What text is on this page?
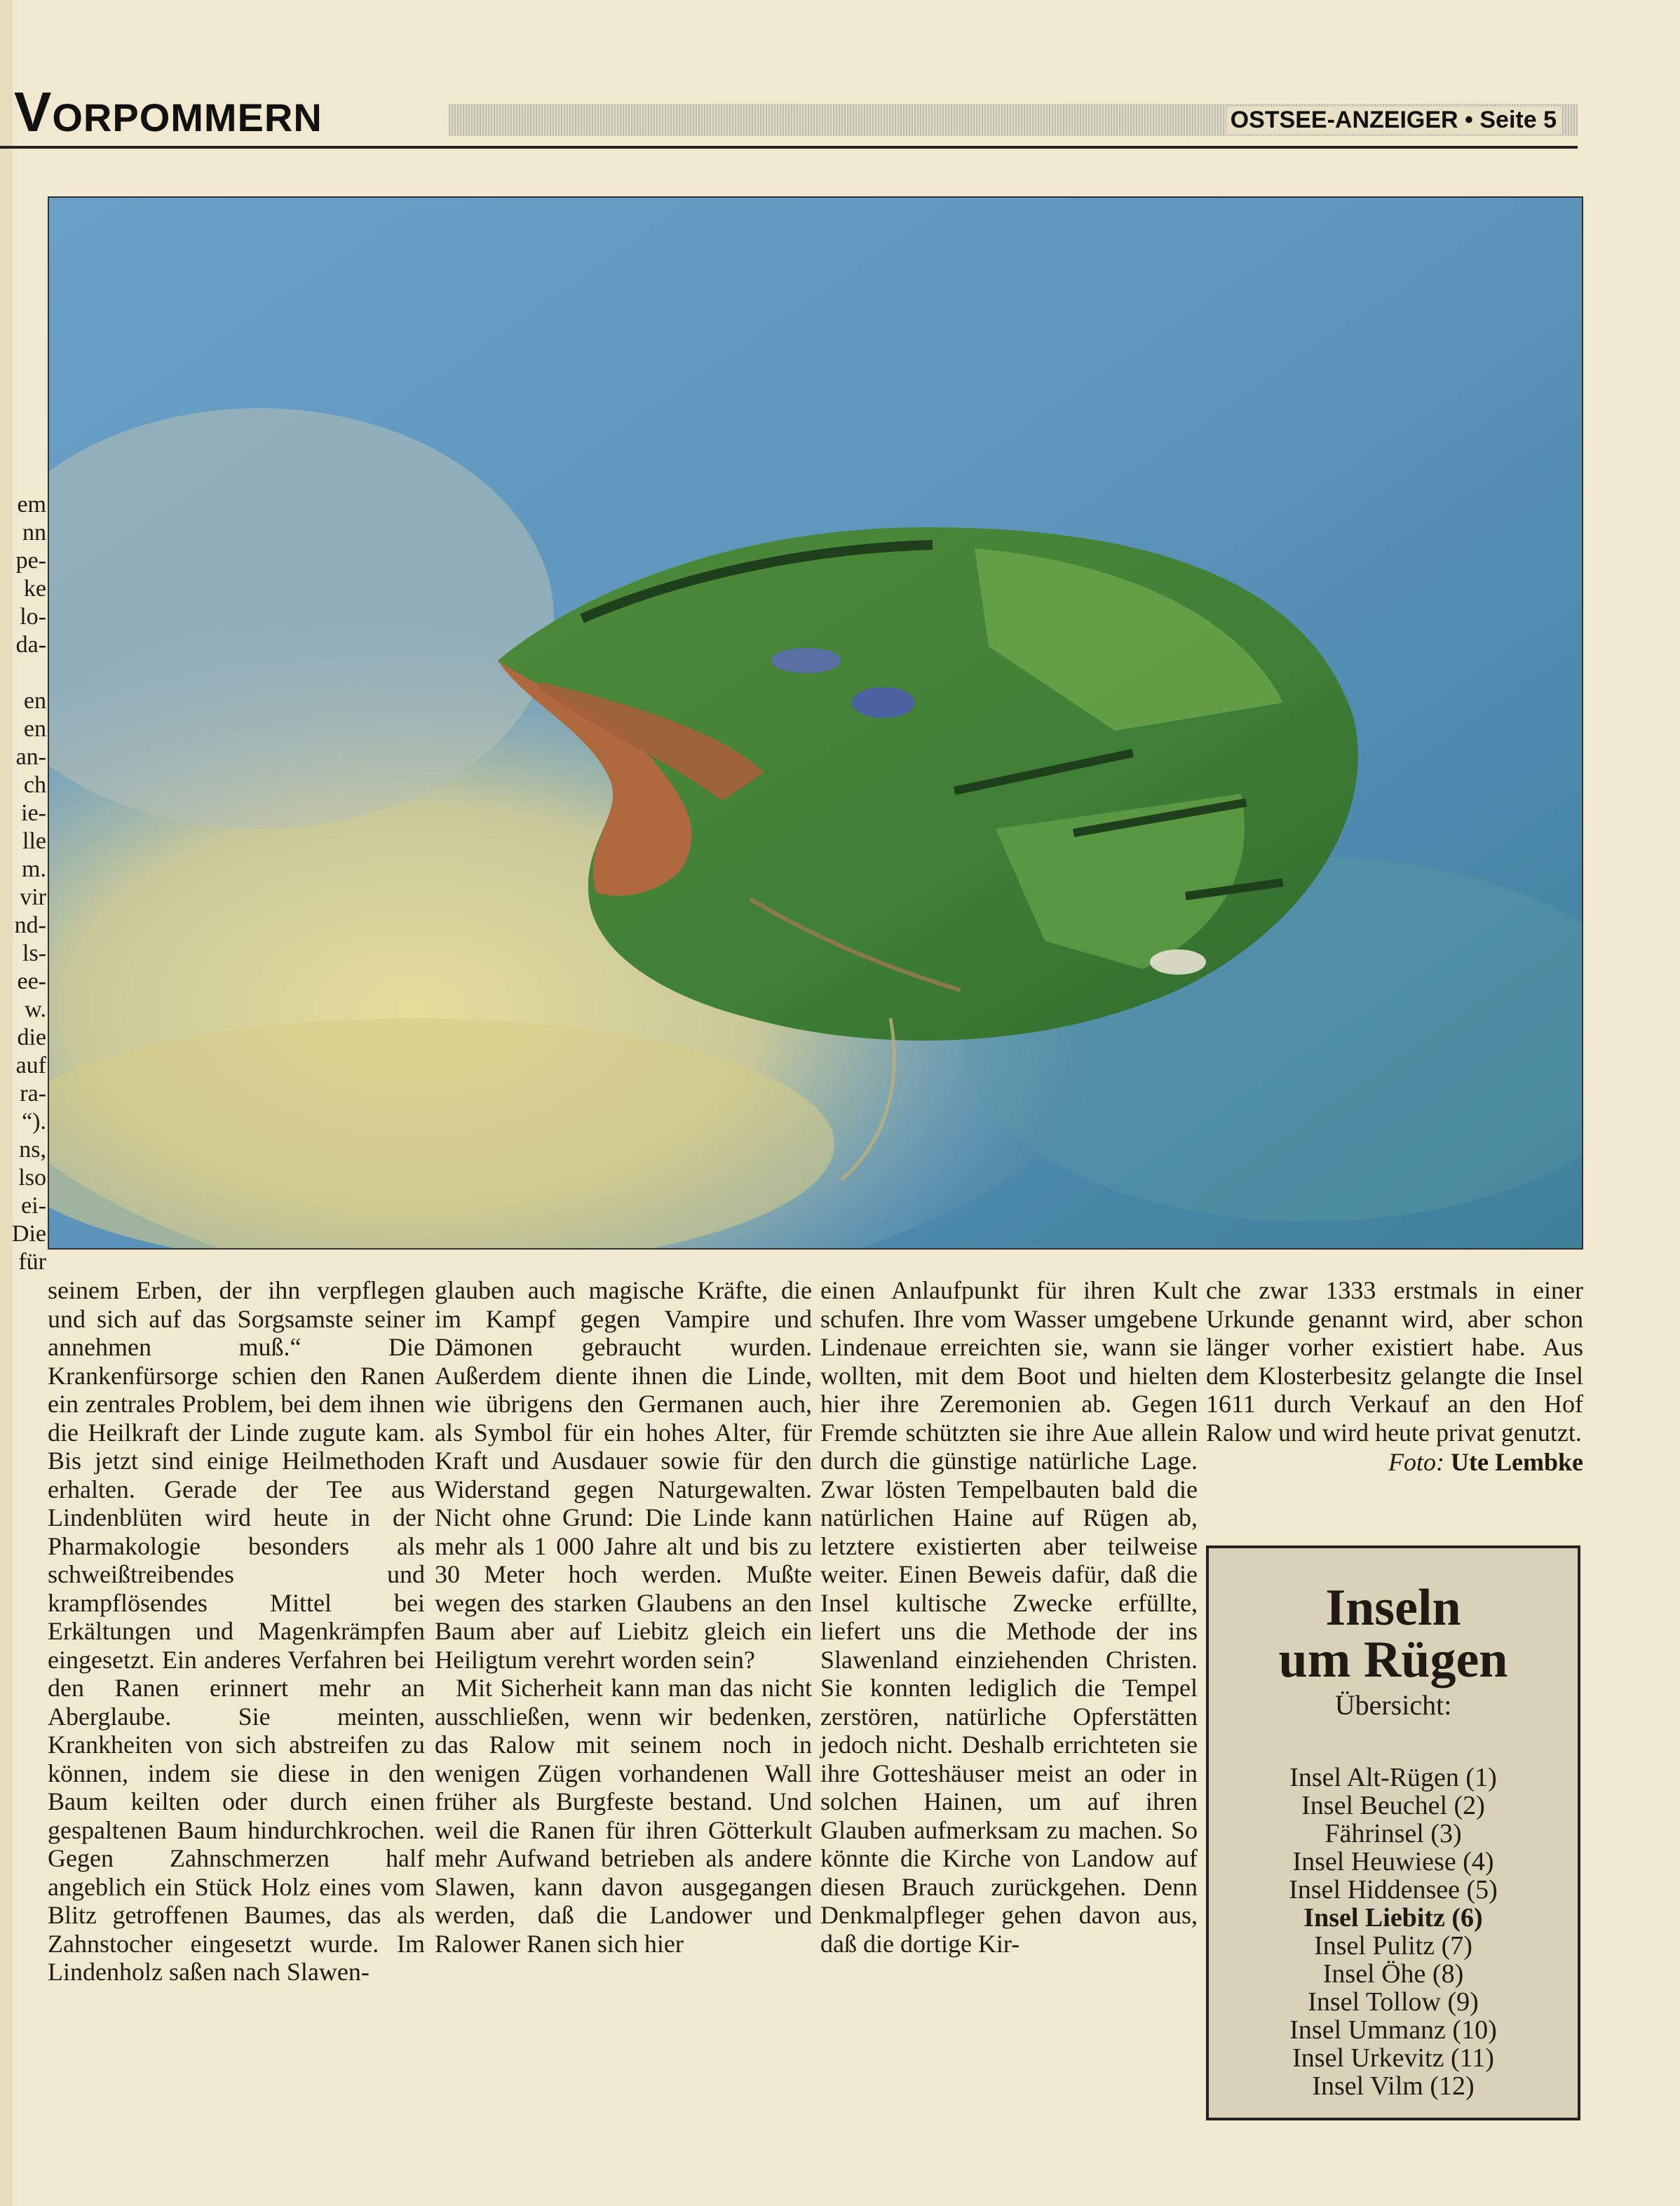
Vorpommern	OSTSEE-ANZEIGER • Seite 5
em
nn
pe-
ke
lo-
da-

en
en
an-
ch
ie-
lle
m.
vir
nd-
ls-
ee-
w.
die
auf
ra-
“).
ns,
lso
ei-
Die
für

seinem Erben, der ihn verpflegen und sich auf das Sorgsamste seiner annehmen muß.“ Die Krankenfürsorge schien den Ranen ein zentrales Problem, bei dem ihnen die Heilkraft der Linde zugute kam. Bis jetzt sind einige Heilmethoden erhalten. Gerade der Tee aus Lindenblüten wird heute in der Pharmakologie besonders als schweißtreibendes und krampflösendes Mittel bei Erkältungen und Magenkrämpfen eingesetzt. Ein anderes Verfahren bei den Ranen erinnert mehr an Aberglaube. Sie meinten, Krankheiten von sich abstreifen zu können, indem sie diese in den Baum keilten oder durch einen gespaltenen Baum hindurchkrochen. Gegen Zahnschmerzen half angeblich ein Stück Holz eines vom Blitz getroffenen Baumes, das als Zahnstocher eingesetzt wurde. Im Lindenholz saßen nach Slawen-

glauben auch magische Kräfte, die im Kampf gegen Vampire und Dämonen gebraucht wurden. Außerdem diente ihnen die Linde, wie übrigens den Germanen auch, als Symbol für ein hohes Alter, für Kraft und Ausdauer sowie für den Widerstand gegen Naturgewalten. Nicht ohne Grund: Die Linde kann mehr als 1 000 Jahre alt und bis zu 30 Meter hoch werden. Mußte wegen des starken Glaubens an den Baum aber auf Liebitz gleich ein Heiligtum verehrt worden sein?

Mit Sicherheit kann man das nicht ausschließen, wenn wir bedenken, das Ralow mit seinem noch in wenigen Zügen vorhandenen Wall früher als Burgfeste bestand. Und weil die Ranen für ihren Götterkult mehr Aufwand betrieben als andere Slawen, kann davon ausgegangen werden, daß die Landower und Ralower Ranen sich hier

einen Anlaufpunkt für ihren Kult schufen. Ihre vom Wasser umgebene Lindenaue erreichten sie, wann sie wollten, mit dem Boot und hielten hier ihre Zeremonien ab. Gegen Fremde schützten sie ihre Aue allein durch die günstige natürliche Lage. Zwar lösten Tempelbauten bald die natürlichen Haine auf Rügen ab, letztere existierten aber teilweise weiter. Einen Beweis dafür, daß die Insel kultische Zwecke erfüllte, liefert uns die Methode der ins Slawenland einziehenden Christen. Sie konnten lediglich die Tempel zerstören, natürliche Opferstätten jedoch nicht. Deshalb errichteten sie ihre Gotteshäuser meist an oder in solchen Hainen, um auf ihren Glauben aufmerksam zu machen. So könnte die Kirche von Landow auf diesen Brauch zurückgehen. Denn Denkmalpfleger gehen davon aus, daß die dortige Kir-

che zwar 1333 erstmals in einer Urkunde genannt wird, aber schon länger vorher existiert habe. Aus dem Klosterbesitz gelangte die Insel 1611 durch Verkauf an den Hof Ralow und wird heute privat genutzt.

Foto: Ute Lembke
Inseln
um Rügen
Übersicht:
Insel Alt-Rügen (1)
Insel Beuchel (2)
Fährinsel (3)
Insel Heuwiese (4)
Insel Hiddensee (5)
Insel Liebitz (6)
Insel Pulitz (7)
Insel Öhe (8)
Insel Tollow (9)
Insel Ummanz (10)
Insel Urkevitz (11)
Insel Vilm (12)
